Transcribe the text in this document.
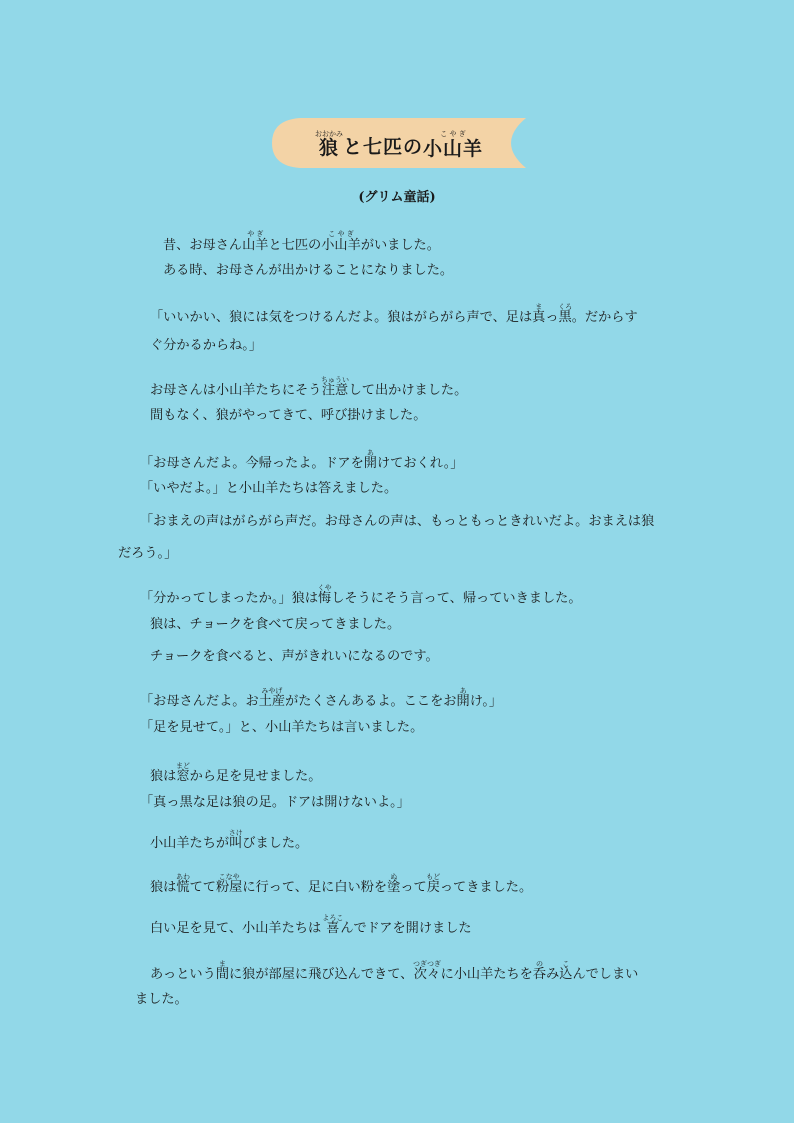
狼おおかみ
と七匹の 小山羊こ や ぎ
(グリム童話)
昔、お母さん山羊や ぎと七匹の小山羊こ や ぎがいました。
ある時、お母さんが出かけることになりました。
「いいかい、狼には気をつけるんだよ。狼はがらがら声で、足は真まっ黒くろ。だからす
ぐ分かるからね。」
お母さんは小山羊たちにそう注意ちゅういして出かけました。
間もなく、狼がやってきて、呼び掛けました。
「お母さんだよ。今帰ったよ。ドアを開あけておくれ。」
「いやだよ。」と小山羊たちは答えました。
「おまえの声はがらがら声だ。お母さんの声は、もっともっときれいだよ。おまえは狼
だろう。」
「分かってしまったか。」狼は悔くやしそうにそう言って、帰っていきました。
狼は、チョークを食べて戻ってきました。
チョークを食べると、声がきれいになるのです。
「お母さんだよ。お土産みやげがたくさんあるよ。ここをお開あけ。」
「足を見せて。」と、小山羊たちは言いました。
狼は窓まどから足を見せました。
「真っ黒な足は狼の足。ドアは開けないよ。」
小山羊たちが叫さけびました。
狼は慌あわてて粉屋こなやに行って、足に白い粉を塗ぬって戻もどってきました。
白い足を見て、小山羊たちは 喜よろこんでドアを開けました
あっという間まに狼が部屋に飛び込んできて、次々つぎつぎに小山羊たちを呑のみ込こんでしまい
ました。
